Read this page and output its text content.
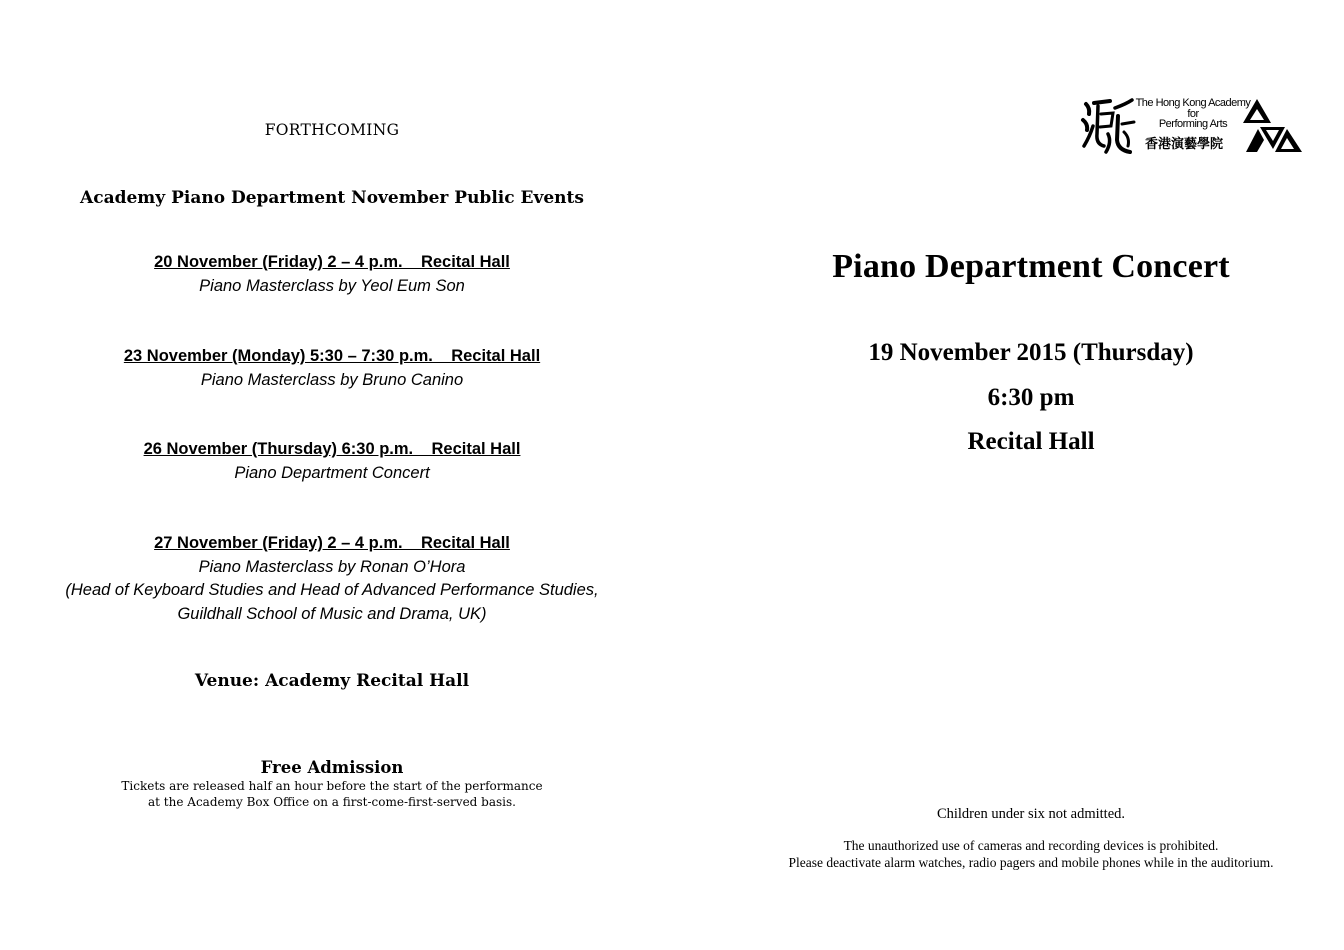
FORTHCOMING

Academy Piano Department November Public Events

20 November (Friday) 2 – 4 p.m.    Recital Hall
Piano Masterclass by Yeol Eum Son
23 November (Monday) 5:30 – 7:30 p.m.    Recital Hall
Piano Masterclass by Bruno Canino
26 November (Thursday) 6:30 p.m.    Recital Hall
Piano Department Concert
27 November (Friday) 2 – 4 p.m.    Recital Hall
Piano Masterclass by Ronan O’Hora
(Head of Keyboard Studies and Head of Advanced Performance Studies,
Guildhall School of Music and Drama, UK)

Venue: Academy Recital Hall

Free Admission

Tickets are released half an hour before the start of the performance
at the Academy Box Office on a first-come-first-served basis.
The Hong Kong Academy
for
Performing Arts
香港演藝學院

Piano Department Concert

19 November 2015 (Thursday)

6:30 pm

Recital Hall

Children under six not admitted.

The unauthorized use of cameras and recording devices is prohibited.
Please deactivate alarm watches, radio pagers and mobile phones while in the auditorium.
